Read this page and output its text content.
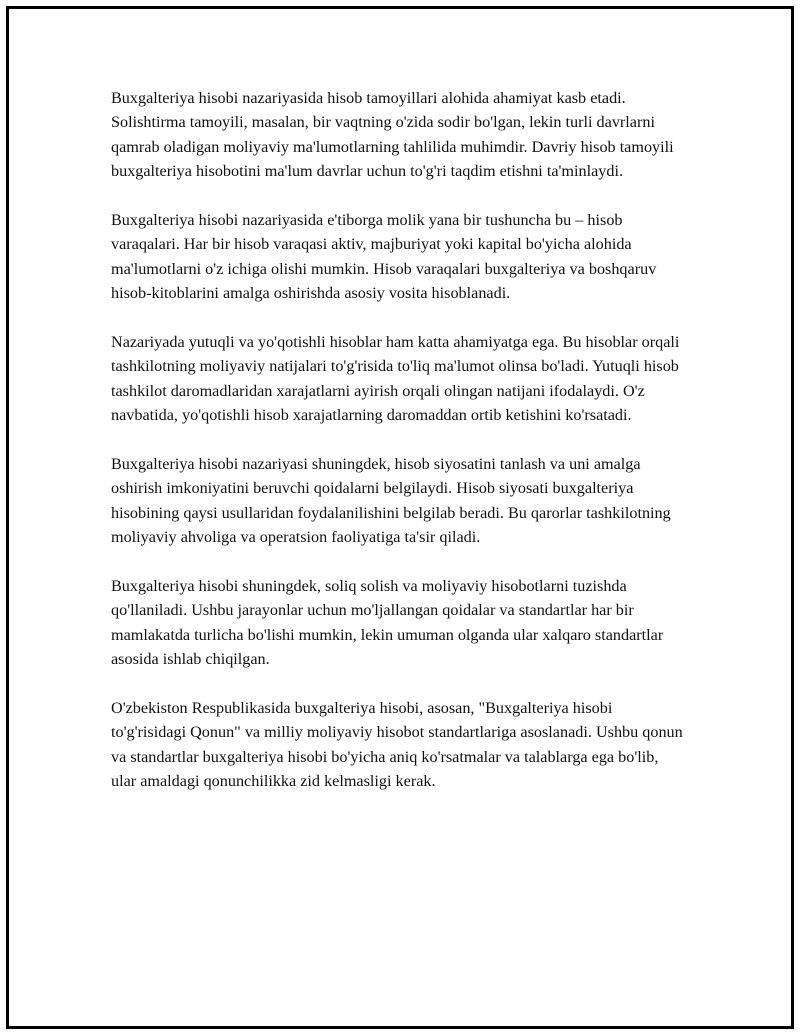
Buxgalteriya hisobi nazariyasida hisob tamoyillari alohida ahamiyat kasb etadi. Solishtirma tamoyili, masalan, bir vaqtning o'zida sodir bo'lgan, lekin turli davrlarni qamrab oladigan moliyaviy ma'lumotlarning tahlilida muhimdir. Davriy hisob tamoyili buxgalteriya hisobotini ma'lum davrlar uchun to'g'ri taqdim etishni ta'minlaydi.

Buxgalteriya hisobi nazariyasida e'tiborga molik yana bir tushuncha bu – hisob varaqalari. Har bir hisob varaqasi aktiv, majburiyat yoki kapital bo'yicha alohida ma'lumotlarni o'z ichiga olishi mumkin. Hisob varaqalari buxgalteriya va boshqaruv hisob-kitoblarini amalga oshirishda asosiy vosita hisoblanadi.

Nazariyada yutuqli va yo'qotishli hisoblar ham katta ahamiyatga ega. Bu hisoblar orqali tashkilotning moliyaviy natijalari to'g'risida to'liq ma'lumot olinsa bo'ladi. Yutuqli hisob tashkilot daromadlaridan xarajatlarni ayirish orqali olingan natijani ifodalaydi. O'z navbatida, yo'qotishli hisob xarajatlarning daromaddan ortib ketishini ko'rsatadi.

Buxgalteriya hisobi nazariyasi shuningdek, hisob siyosatini tanlash va uni amalga oshirish imkoniyatini beruvchi qoidalarni belgilaydi. Hisob siyosati buxgalteriya hisobining qaysi usullaridan foydalanilishini belgilab beradi. Bu qarorlar tashkilotning moliyaviy ahvoliga va operatsion faoliyatiga ta'sir qiladi.

Buxgalteriya hisobi shuningdek, soliq solish va moliyaviy hisobotlarni tuzishda qo'llaniladi. Ushbu jarayonlar uchun mo'ljallangan qoidalar va standartlar har bir mamlakatda turlicha bo'lishi mumkin, lekin umuman olganda ular xalqaro standartlar asosida ishlab chiqilgan.

O'zbekiston Respublikasida buxgalteriya hisobi, asosan, "Buxgalteriya hisobi to'g'risidagi Qonun" va milliy moliyaviy hisobot standartlariga asoslanadi. Ushbu qonun va standartlar buxgalteriya hisobi bo'yicha aniq ko'rsatmalar va talablarga ega bo'lib, ular amaldagi qonunchilikka zid kelmasligi kerak.
